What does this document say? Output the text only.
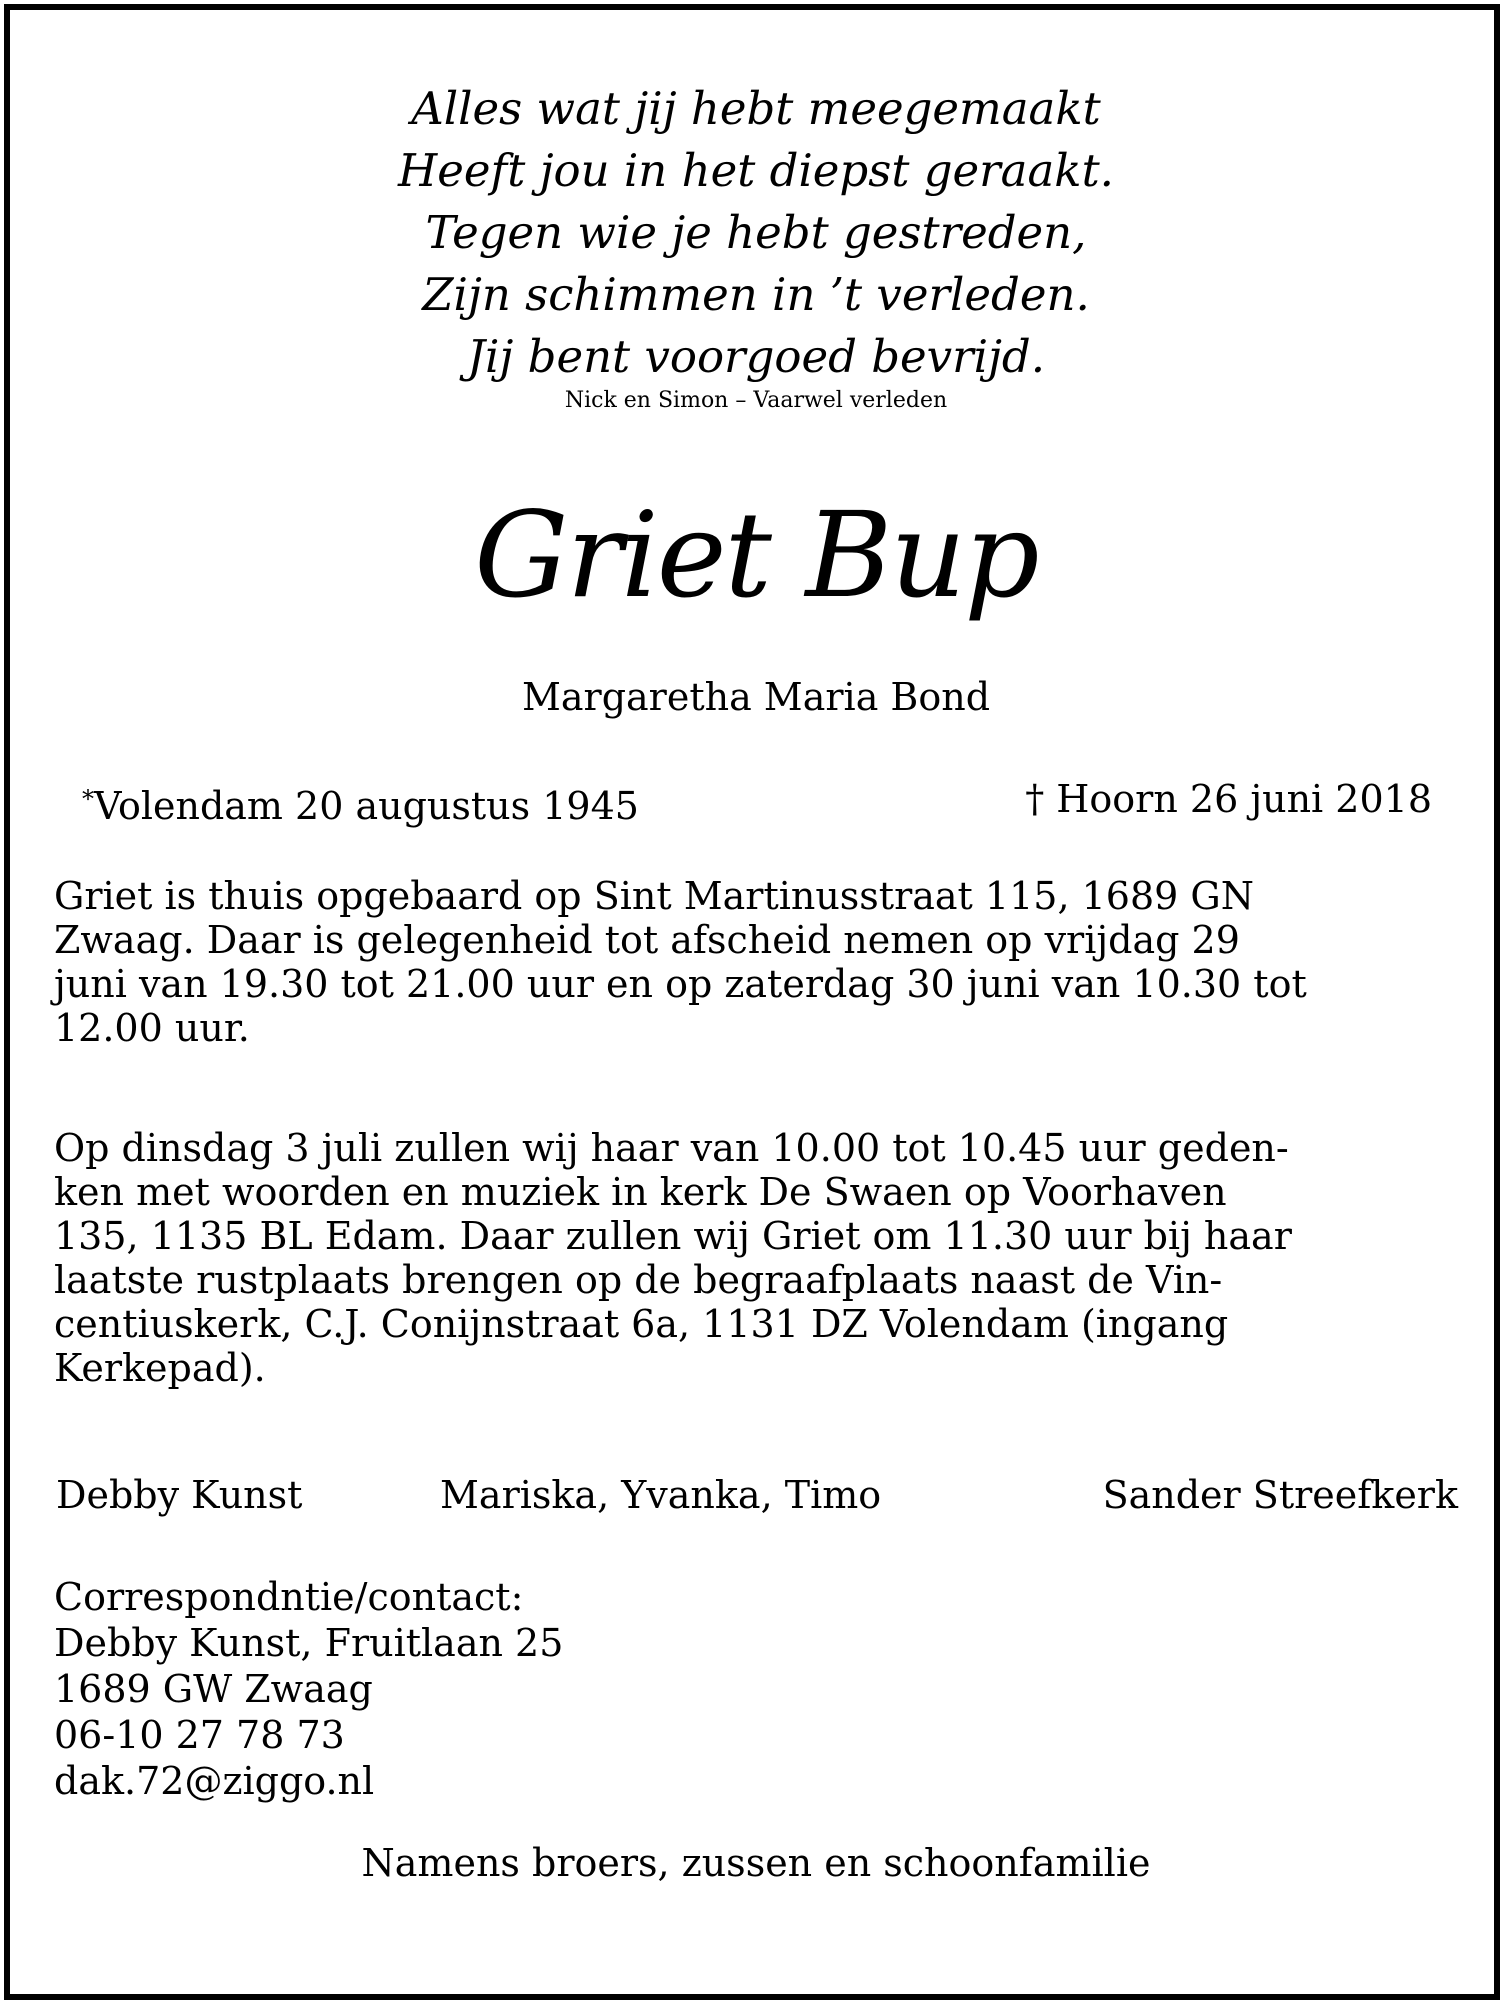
Alles wat jij hebt meegemaakt
Heeft jou in het diepst geraakt.
Tegen wie je hebt gestreden,
Zijn schimmen in ’t verleden.
Jij bent voorgoed bevrijd.
Nick en Simon – Vaarwel verleden
Griet Bup
Margaretha Maria Bond
*Volendam 20 augustus 1945	† Hoorn 26 juni 2018
Griet is thuis opgebaard op Sint Martinusstraat 115, 1689 GN
Zwaag. Daar is gelegenheid tot afscheid nemen op vrijdag 29
juni van 19.30 tot 21.00 uur en op zaterdag 30 juni van 10.30 tot
12.00 uur.
Op dinsdag 3 juli zullen wij haar van 10.00 tot 10.45 uur geden-
ken met woorden en muziek in kerk De Swaen op Voorhaven
135, 1135 BL Edam. Daar zullen wij Griet om 11.30 uur bij haar
laatste rustplaats brengen op de begraafplaats naast de Vin-
centiuskerk, C.J. Conijnstraat 6a, 1131 DZ Volendam (ingang
Kerkepad).
Debby Kunst	Mariska, Yvanka, Timo	Sander Streefkerk
Correspondntie/contact:
Debby Kunst, Fruitlaan 25
1689 GW Zwaag
06-10 27 78 73
dak.72@ziggo.nl
Namens broers, zussen en schoonfamilie
